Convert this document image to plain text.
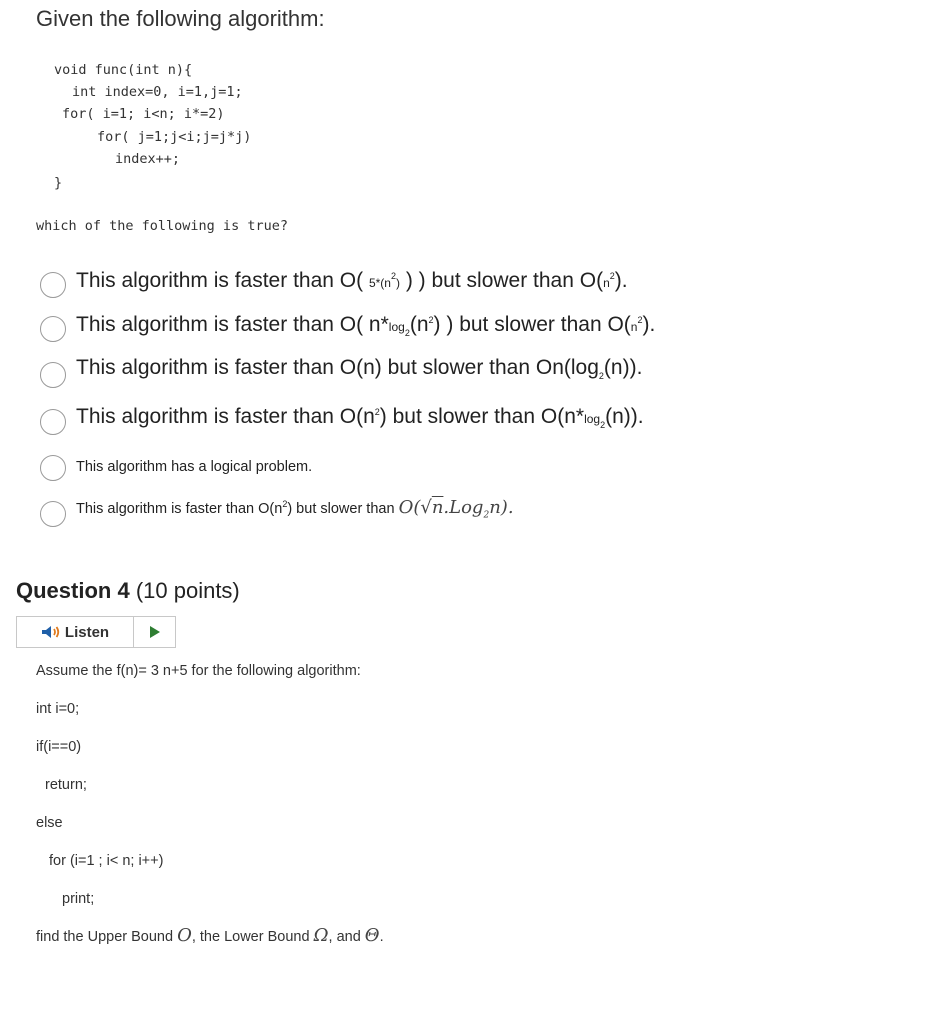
Given the following algorithm:
void func(int n){
int index=0, i=1,j=1;
for( i=1; i<n; i*=2)
for( j=1;j<i;j=j*j)
index++;
}
which of the following is true?
This algorithm is faster than O( $5*(n^2)$ ) ) but slower than $O(n^2)$.
This algorithm is faster than O( $n*\log_2(n^2)$ ) but slower than $O(n^2)$.
This algorithm is faster than O(n) but slower than $On(\log_2(n))$.
This algorithm is faster than $O(n^2)$ but slower than $O(n*\log_2(n))$.
This algorithm has a logical problem.
This algorithm is faster than $O(n^2)$ but slower than O(√n.Log$_2$n).
Question 4 (10 points)
Listen
Assume the f(n)= 3 n+5 for the following algorithm:
int i=0;
if(i==0)
return;
else
for (i=1 ; i< n; i++)
print;
find the Upper Bound O, the Lower Bound Ω, and Θ.
